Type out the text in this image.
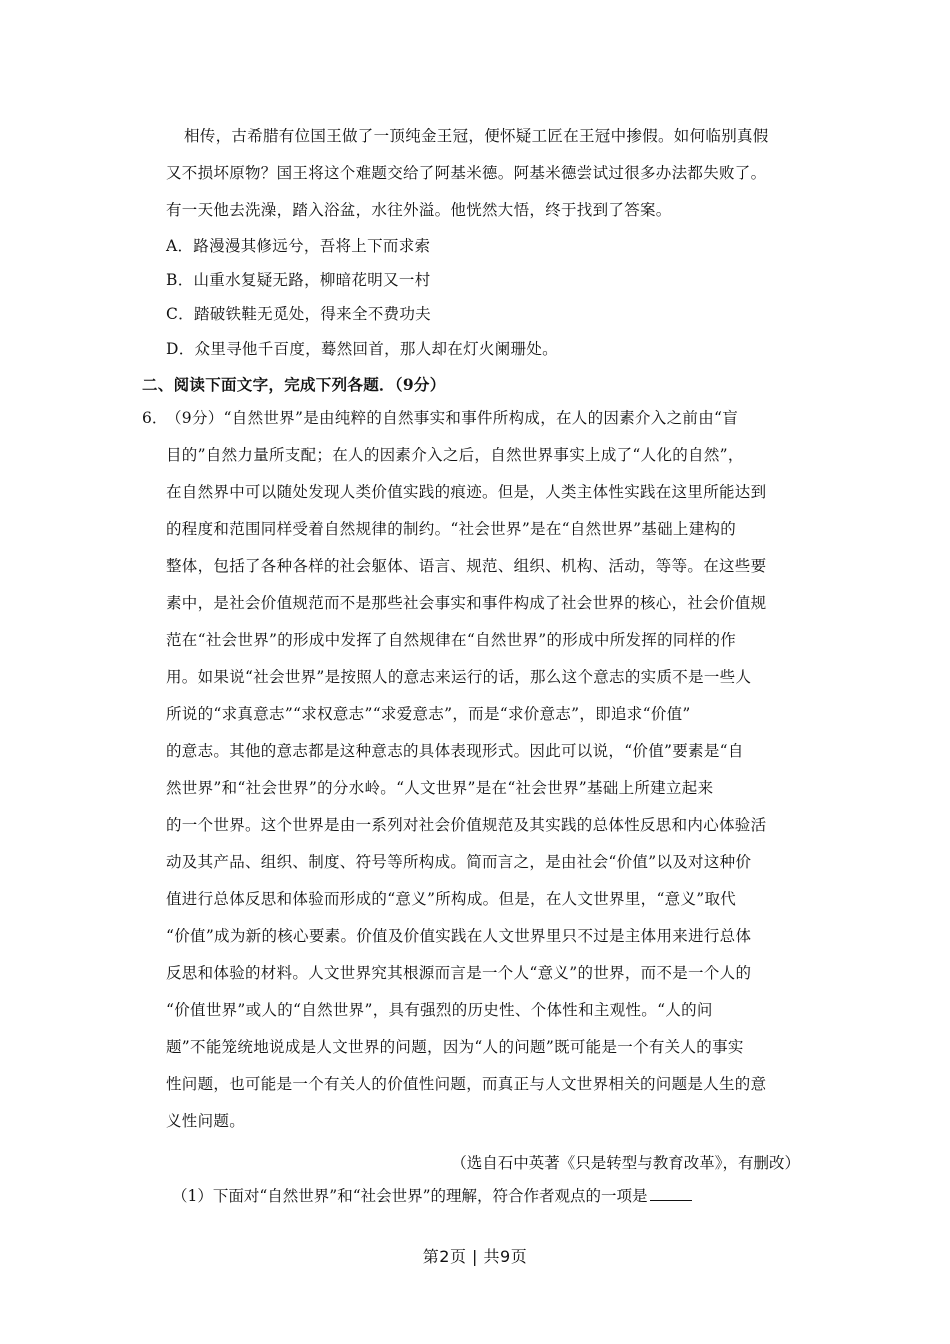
相传，古希腊有位国王做了一顶纯金王冠，便怀疑工匠在王冠中掺假。如何临别真假
又不损坏原物？国王将这个难题交给了阿基米德。阿基米德尝试过很多办法都失败了。
有一天他去洗澡，踏入浴盆，水往外溢。他恍然大悟，终于找到了答案。
A．路漫漫其修远兮，吾将上下而求索
B．山重水复疑无路，柳暗花明又一村
C．踏破铁鞋无觅处，得来全不费功夫
D．众里寻他千百度，蓦然回首，那人却在灯火阑珊处。
二、阅读下面文字，完成下列各题．（9分）
6．
（9分）“自然世界”是由纯粹的自然事实和事件所构成，在人的因素介入之前由“盲
目的”自然力量所支配；在人的因素介入之后，自然世界事实上成了“人化的自然”，
在自然界中可以随处发现人类价值实践的痕迹。但是，人类主体性实践在这里所能达到
的程度和范围同样受着自然规律的制约。“社会世界”是在“自然世界”基础上建构的
整体，包括了各种各样的社会躯体、语言、规范、组织、机构、活动，等等。在这些要
素中，是社会价值规范而不是那些社会事实和事件构成了社会世界的核心，社会价值规
范在“社会世界”的形成中发挥了自然规律在“自然世界”的形成中所发挥的同样的作
用。如果说“社会世界”是按照人的意志来运行的话，那么这个意志的实质不是一些人
所说的“求真意志”“求权意志”“求爱意志”，而是“求价意志”，即追求“价值”
的意志。其他的意志都是这种意志的具体表现形式。因此可以说，“价值”要素是“自
然世界”和“社会世界”的分水岭。“人文世界”是在“社会世界”基础上所建立起来
的一个世界。这个世界是由一系列对社会价值规范及其实践的总体性反思和内心体验活
动及其产品、组织、制度、符号等所构成。简而言之，是由社会“价值”以及对这种价
值进行总体反思和体验而形成的“意义”所构成。但是，在人文世界里，“意义”取代
“价值”成为新的核心要素。价值及价值实践在人文世界里只不过是主体用来进行总体
反思和体验的材料。人文世界究其根源而言是一个人“意义”的世界，而不是一个人的
“价值世界”或人的“自然世界”，具有强烈的历史性、个体性和主观性。“人的问
题”不能笼统地说成是人文世界的问题，因为“人的问题”既可能是一个有关人的事实
性问题，也可能是一个有关人的价值性问题，而真正与人文世界相关的问题是人生的意
义性问题。
（选自石中英著《只是转型与教育改革》，有删改）
（1）下面对“自然世界”和“社会世界”的理解，符合作者观点的一项是
第2页 | 共9页
